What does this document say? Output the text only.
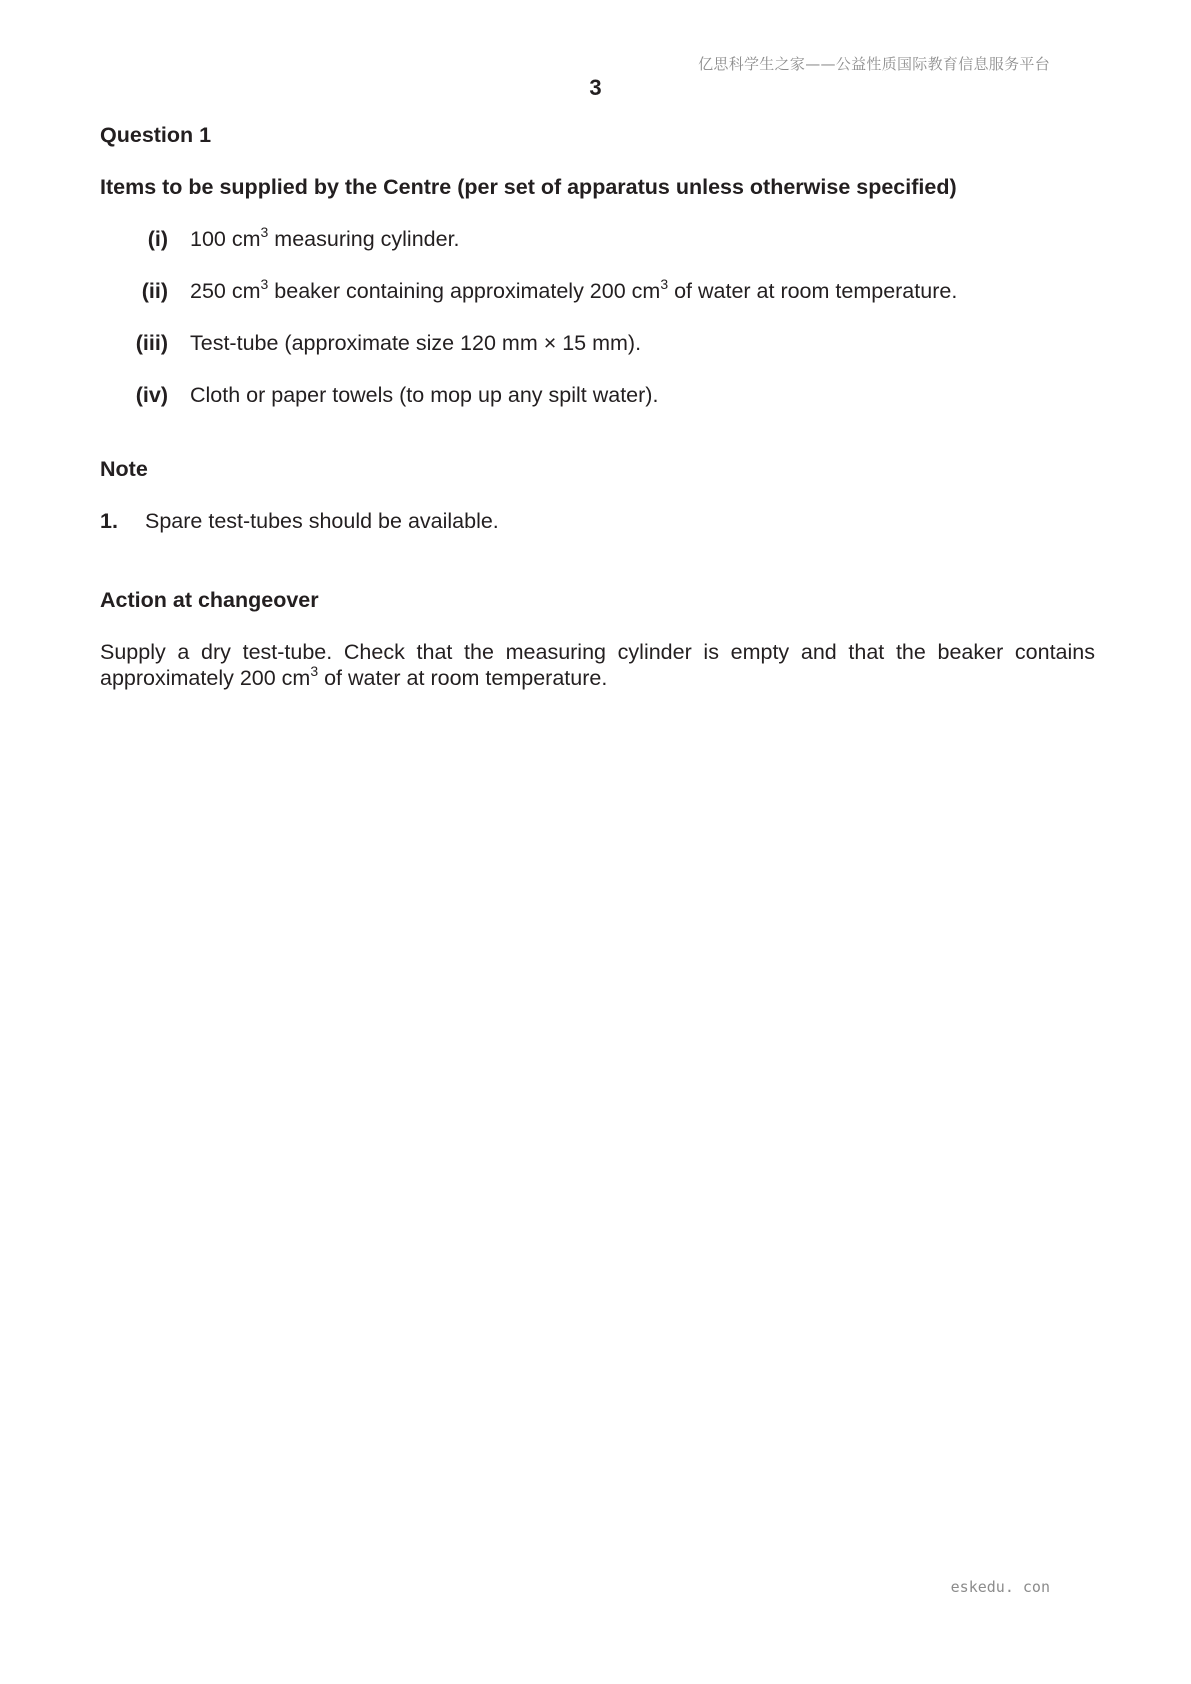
亿思科学生之家——公益性质国际教育信息服务平台
3

Question 1

Items to be supplied by the Centre (per set of apparatus unless otherwise specified)

(i)	100 $cm^3$ measuring cylinder.
(ii)	250 $cm^3$ beaker containing approximately 200 $cm^3$ of water at room temperature.
(iii)	Test-tube (approximate size 120 mm × 15 mm).
(iv)	Cloth or paper towels (to mop up any spilt water).

Note

1.	Spare test-tubes should be available.

Action at changeover

Supply a dry test-tube. Check that the measuring cylinder is empty and that the beaker contains approximately 200 $cm^3$ of water at room temperature.

eskedu. con
